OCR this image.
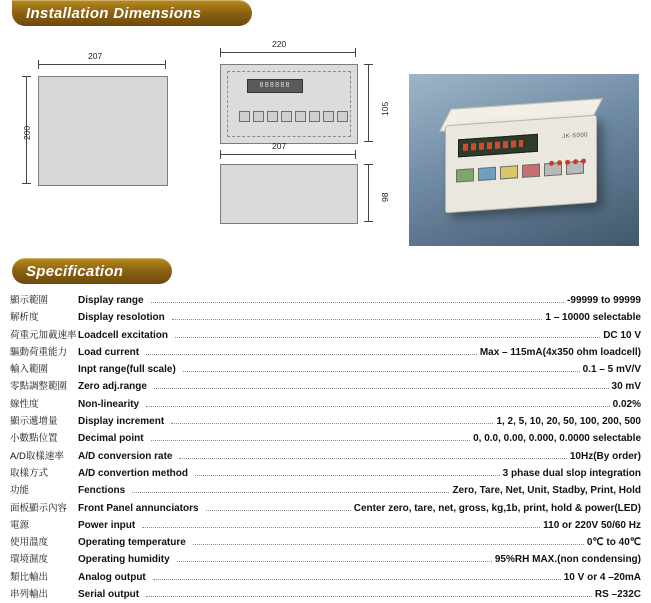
Installation Dimensions
207
200
888888
220
105
207
98
JK-5000
Specification
顯示範圍	Display range	-99999 to 99999
解析度	Display resolotion	1 – 10000 selectable
荷重元加載速率 Loadcell excitation	DC 10 V
驅動荷重能力	Load current	Max – 115mA(4x350 ohm loadcell)
輸入範圍	Inpt range(full scale)	0.1 – 5 mV/V
零點調整範圍	Zero adj.range	30 mV
線性度	Non-linearity	0.02%
顯示遞增量	Display increment	1, 2, 5, 10, 20, 50, 100, 200, 500
小數點位置	Decimal point	0, 0.0, 0.00, 0.000, 0.0000 selectable
A/D取樣速率	A/D conversion rate	10Hz(By order)
取樣方式	A/D convertion method	3 phase dual slop integration
功能	Fenctions	Zero, Tare, Net, Unit, Stadby, Print, Hold
面板顯示內容	Front Panel annunciators	Center zero, tare, net, gross, kg,1b, print, hold & power(LED)
電源	Power input	110 or 220V 50/60 Hz
使用溫度	Operating temperature	0℃ to 40℃
環境濕度	Operating humidity	95%RH MAX.(non condensing)
類比輸出	Analog output	10 V or 4 –20mA
串列輸出	Serial output	RS –232C
